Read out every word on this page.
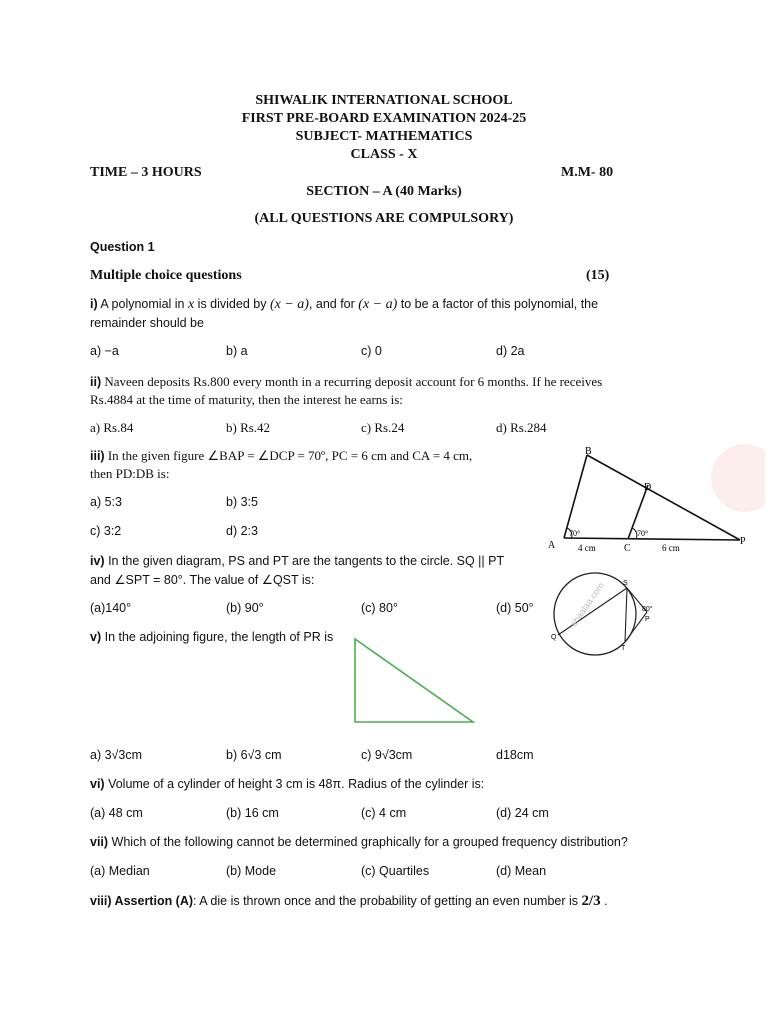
SHIWALIK INTERNATIONAL SCHOOL
FIRST PRE-BOARD EXAMINATION 2024-25
SUBJECT- MATHEMATICS
CLASS - X
TIME – 3 HOURS	M.M- 80
SECTION – A (40 Marks)
(ALL QUESTIONS ARE COMPULSORY)
Question 1
Multiple choice questions	(15)
i) A polynomial in x is divided by (x − a), and for (x − a) to be a factor of this polynomial, the
remainder should be
a) −a	b) a	c) 0	d) 2a
ii) Naveen deposits Rs.800 every month in a recurring deposit account for 6 months. If he receives
Rs.4884 at the time of maturity, then the interest he earns is:
a) Rs.84	b) Rs.42	c) Rs.24	d) Rs.284
iii) In the given figure ∠BAP = ∠DCP = 70º, PC = 6 cm and CA = 4 cm,
then PD:DB is:
a) 5:3	b) 3:5
c) 3:2	d) 2:3
B
A	C
D
P
70°	70°
4 cm	6 cm
iv) In the given diagram, PS and PT are the tangents to the circle. SQ || PT
and ∠SPT = 80°. The value of ∠QST is:
(a)140°	(b) 90°	(c) 80°	(d) 50°
S
P
Q
T
80°
shaalaa.com
v) In the adjoining figure, the length of PR is
a) 3√3cm	b) 6√3 cm	c) 9√3cm	d18cm
vi) Volume of a cylinder of height 3 cm is 48π. Radius of the cylinder is:
(a) 48 cm	(b) 16 cm	(c) 4 cm	(d) 24 cm
vii) Which of the following cannot be determined graphically for a grouped frequency distribution?
(a) Median	(b) Mode	(c) Quartiles	(d) Mean
viii) Assertion (A): A die is thrown once and the probability of getting an even number is 2/3 .
